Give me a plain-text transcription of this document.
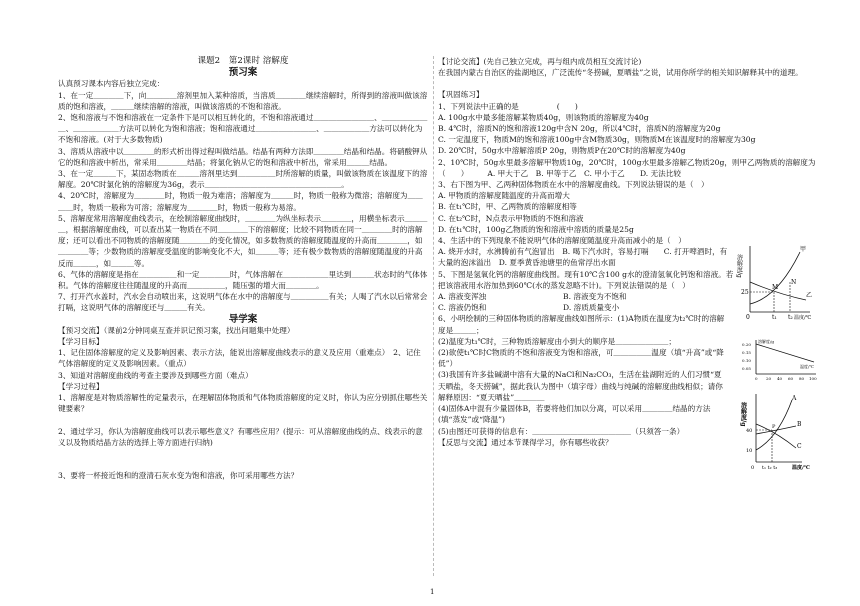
课题2　第2课时 溶解度
预习案

认真预习课本内容后独立完成：

1、在一定＿＿＿＿下，向＿＿＿＿溶剂里加入某种溶质，当溶质＿＿＿＿继续溶解时，所得到的溶液叫做该溶质的饱和溶液，＿＿＿继续溶解的溶液，叫做该溶质的不饱和溶液。

2、饱和溶液与不饱和溶液在一定条件下是可以相互转化的，不饱和溶液通过＿＿＿＿＿＿＿＿、＿＿＿＿＿＿＿、＿＿＿＿＿＿方法可以转化为饱和溶液；饱和溶液通过＿＿＿＿＿＿＿＿、＿＿＿＿＿＿方法可以转化为不饱和溶液。(对于大多数物质)

3、溶质从溶液中以＿＿＿＿的形式析出得过程叫做结晶。结晶有两种方法即＿＿＿＿结晶和结晶。将硝酸钾从它的饱和溶液中析出，常采用＿＿＿＿结晶；将氯化钠从它的饱和溶液中析出，常采用＿＿＿结晶。

3、在一定＿＿＿下，某固态物质在＿＿＿溶剂里达到＿＿＿＿＿时所溶解的质量，叫做该物质在该温度下的溶解度。20℃时氯化钠的溶解度为36g，表示＿＿＿＿＿＿＿＿＿＿＿＿＿＿＿＿＿＿。

4、20℃时，溶解度为＿＿＿＿时，物质一般为难溶；溶解度为＿＿＿时，物质一般称为微溶；溶解度为＿＿＿＿时，物质一般称为可溶；溶解度为＿＿＿＿时，物质一般称为易溶。

5、溶解度常用溶解度曲线表示，在绘制溶解度曲线时，＿＿＿＿为纵坐标表示＿＿＿＿，用横坐标表示＿＿＿＿，根据溶解度曲线，可以查出某一物质在不同＿＿＿＿下的溶解度；比较不同物质在同一＿＿＿＿时的溶解度；还可以看出不同物质的溶解度随＿＿＿＿的变化情况，如多数物质的溶解度随温度的升高而＿＿＿＿，如＿＿＿＿等；少数物质的溶解度受温度的影响变化不大，如＿＿＿等；还有极少数物质的溶解度随温度的升高反而＿＿＿，如＿＿＿等。

6、气体的溶解度是指在＿＿＿＿＿和一定＿＿＿＿时，气体溶解在＿＿＿＿＿＿里达到＿＿＿状态时的气体体积。气体的溶解度往往随温度的升高而＿＿＿＿＿，随压强的增大而＿＿＿＿。

7、打开汽水盖时，汽水会自动喷出来，这说明气体在水中的溶解度与＿＿＿＿＿有关；人喝了汽水以后常常会打嗝，这说明气体的溶解度还与＿＿＿有关。

导学案

【预习交流】（课前2分钟同桌互查并识记预习案，找出问题集中处理）

【学习目标】

1、记住固体溶解度的定义及影响因素、表示方法，能说出溶解度曲线表示的意义及应用（重难点）　2、记住气体溶解度的定义及影响因素。（重点）

3、知道对溶解度曲线的考查主要涉及到哪些方面（难点）

【学习过程】

1、溶解度是对物质溶解性的定量表示，在理解固体物质和气体物质溶解度的定义时，你认为应分别抓住哪些关键要素？

2、通过学习，你认为溶解度曲线可以表示哪些意义？有哪些应用？(提示：可从溶解度曲线的点、线表示的意义以及物质结晶方法的选择上等方面进行归纳)

3、要将一杯接近饱和的澄清石灰水变为饱和溶液，你可采用哪些方法？

【讨论交流】(先自己独立完成，再与组内成员相互交流讨论)

在我国内蒙古自治区的盐湖地区，广泛流传“冬捞碱，夏晒盐”之说，试用你所学的相关知识解释其中的道理。

【巩固练习】

1、下列说法中正确的是　　　　　(　　)

A. 100g水中最多能溶解某物质40g，则该物质的溶解度为40g

B. 4℃时，溶质N的饱和溶液120g中含N 20g，所以4℃时，溶质N的溶解度为20g

C. 一定温度下，物质M的饱和溶液100g中含M物质30g，则物质M在该温度时的溶解度为30g

D. 20℃时，50g水中溶解溶质P 20g，则物质P在20℃时的溶解度为40g

2、10℃时，50g水里最多溶解甲物质10g，20℃时，100g水里最多溶解乙物质20g，则甲乙两物质的溶解度为　（　　）　　　A. 甲大于乙　B. 甲等于乙　C. 甲小于乙　　D. 无法比较

3、右下图为甲、乙两种固体物质在水中的溶解度曲线。下列说法错误的是（　）

A. 甲物质的溶解度随温度的升高而增大

B. 在t₁℃时，甲、乙两物质的溶解度相等

C. 在t₂℃时，N点表示甲物质的不饱和溶液

D. 在t₁℃时，100g乙物质的饱和溶液中溶质的质量是25g

4、生活中的下列现象不能说明气体的溶解度随温度升高而减小的是（　）

A. 烧开水时，水沸腾前有气泡冒出　B. 喝下汽水时，容易打嗝　　C. 打开啤酒时，有大量的泡沫溢出　D. 夏季黄昏池塘里的鱼常浮出水面

5、下图是氢氧化钙的溶解度曲线图。现有10℃含100 g水的澄清氢氧化钙饱和溶液。若把该溶液用水浴加热到60℃(水的蒸发忽略不计)。下列说法错误的是（　）

A. 溶液变浑浊	B. 溶液变为不饱和
C. 溶液仍饱和	D. 溶质质量变小

6、小明绘制的三种固体物质的溶解度曲线如图所示：(1)A物质在温度为t₂℃时的溶解度是＿＿＿；

(2)温度为t₁℃时，三种物质溶解度由小到大的顺序是＿＿＿＿＿＿＿；

(2)欲使t₁℃时C物质的不饱和溶液变为饱和溶液，可＿＿＿＿＿温度（填“升高”或“降低”）

(3)我国有许多盐碱湖中溶有大量的NaCl和Na₂CO₃，生活在盐湖附近的人们习惯“夏天晒盐，冬天捞碱”，据此我认为图中（填字母）曲线与纯碱的溶解度曲线相似；请你解释原因：“夏天晒盐”＿＿＿＿

(4)固体A中混有少量固体B，若要将他们加以分离，可以采用＿＿＿＿结晶的方法(填“蒸发”或“降温”)

(5)由图还可获得的信息有：＿＿＿＿＿＿＿＿＿＿＿＿＿（只须答一条）

【反思与交流】通过本节课得学习，你有哪些收获？

溶解度/g
甲
乙
M
N
25
0	t₁ t₂ 温度/℃
0.20
0.15
0.10
0.05
0 20 40 60 80 100
温度/℃
溶解度/g
A
B
C
溶解度/g
P
40
10
0 t₁ t₂ t₃	温度/℃
1
